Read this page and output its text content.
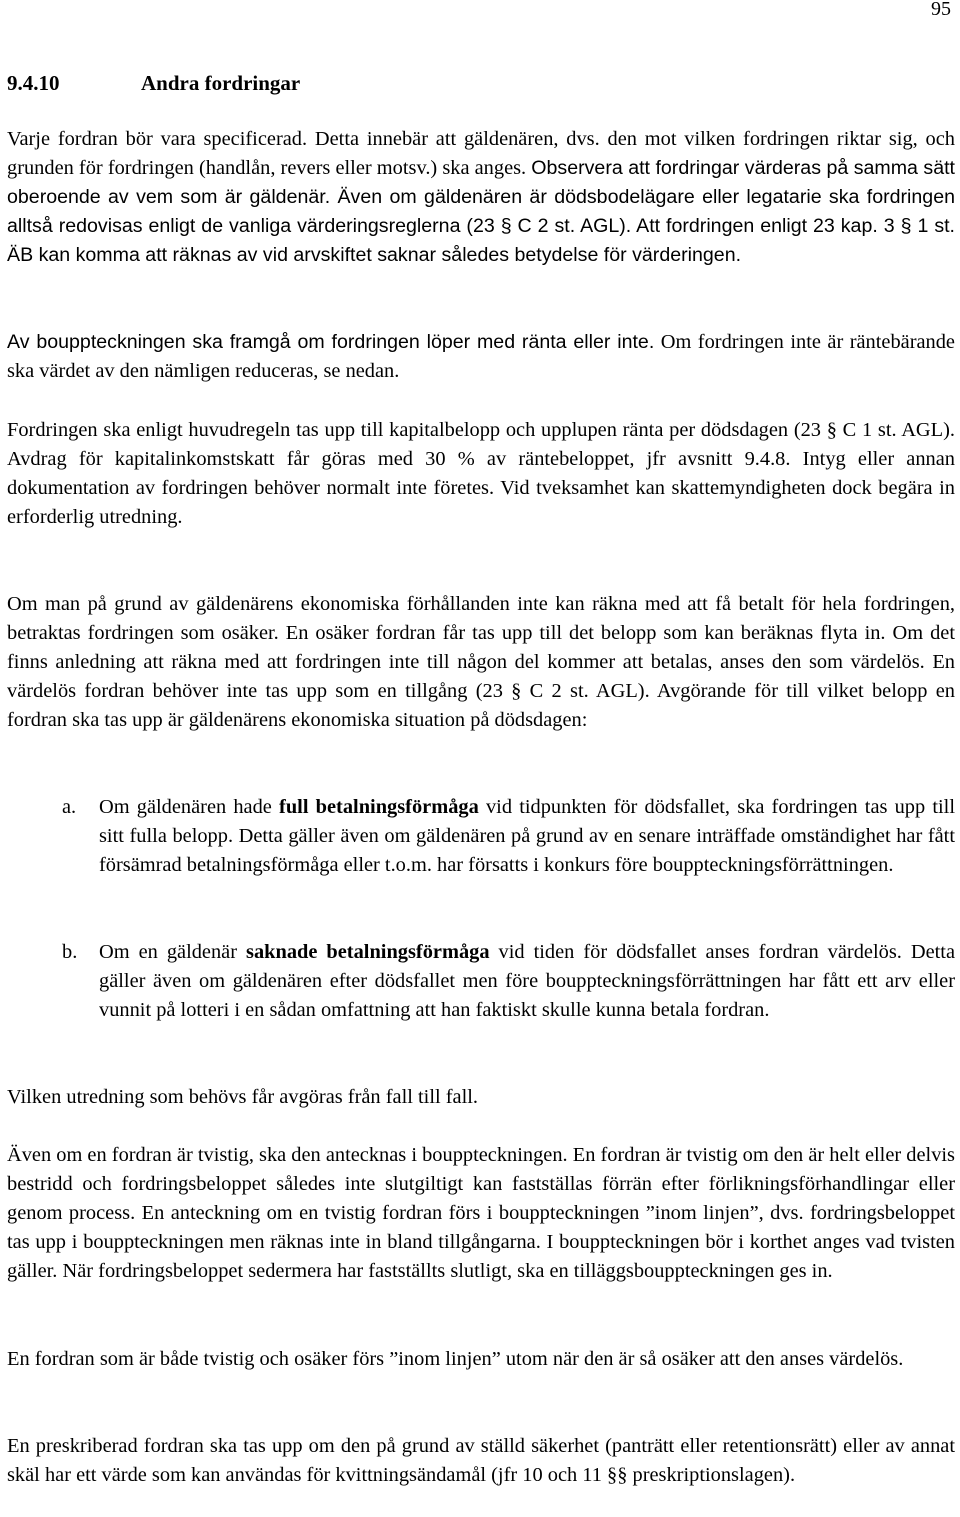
95
9.4.10	Andra fordringar

Varje fordran bör vara specificerad. Detta innebär att gäldenären, dvs. den mot vilken fordringen riktar sig, och grunden för fordringen (handlån, revers eller motsv.) ska anges. Observera att fordringar värderas på samma sätt oberoende av vem som är gäldenär. Även om gäldenären är dödsbodelägare eller legatarie ska fordringen alltså redovisas enligt de vanliga värderingsreglerna (23 § C 2 st. AGL). Att fordringen enligt 23 kap. 3 § 1 st. ÄB kan komma att räknas av vid arvskiftet saknar således betydelse för värderingen.

Av bouppteckningen ska framgå om fordringen löper med ränta eller inte. Om fordringen inte är räntebärande ska värdet av den nämligen reduceras, se nedan.

Fordringen ska enligt huvudregeln tas upp till kapitalbelopp och upplupen ränta per dödsdagen (23 § C 1 st. AGL). Avdrag för kapitalinkomstskatt får göras med 30 % av räntebeloppet, jfr avsnitt 9.4.8. Intyg eller annan dokumentation av fordringen behöver normalt inte företes. Vid tveksamhet kan skattemyndigheten dock begära in erforderlig utredning.

Om man på grund av gäldenärens ekonomiska förhållanden inte kan räkna med att få betalt för hela fordringen, betraktas fordringen som osäker. En osäker fordran får tas upp till det belopp som kan beräknas flyta in. Om det finns anledning att räkna med att fordringen inte till någon del kommer att betalas, anses den som värdelös. En värdelös fordran behöver inte tas upp som en tillgång (23 § C 2 st. AGL). Avgörande för till vilket belopp en fordran ska tas upp är gäldenärens ekonomiska situation på dödsdagen:

a.	Om gäldenären hade full betalningsförmåga vid tidpunkten för dödsfallet, ska fordringen tas upp till sitt fulla belopp. Detta gäller även om gäldenären på grund av en senare inträffade omständighet har fått försämrad betalningsförmåga eller t.o.m. har försatts i konkurs före bouppteckningsförrättningen.
b.	Om en gäldenär saknade betalningsförmåga vid tiden för dödsfallet anses fordran värdelös. Detta gäller även om gäldenären efter dödsfallet men före bouppteckningsförrättningen har fått ett arv eller vunnit på lotteri i en sådan omfattning att han faktiskt skulle kunna betala fordran.

Vilken utredning som behövs får avgöras från fall till fall.

Även om en fordran är tvistig, ska den antecknas i bouppteckningen. En fordran är tvistig om den är helt eller delvis bestridd och fordringsbeloppet således inte slutgiltigt kan fastställas förrän efter förlikningsförhandlingar eller genom process. En anteckning om en tvistig fordran förs i bouppteckningen ”inom linjen”, dvs. fordringsbeloppet tas upp i bouppteckningen men räknas inte in bland tillgångarna. I bouppteckningen bör i korthet anges vad tvisten gäller. När fordringsbeloppet sedermera har fastställts slutligt, ska en tilläggsbouppteckningen ges in.

En fordran som är både tvistig och osäker förs ”inom linjen” utom när den är så osäker att den anses värdelös.

En preskriberad fordran ska tas upp om den på grund av ställd säkerhet (panträtt eller retentionsrätt) eller av annat skäl har ett värde som kan användas för kvittningsändamål (jfr 10 och 11 §§ preskriptionslagen).
